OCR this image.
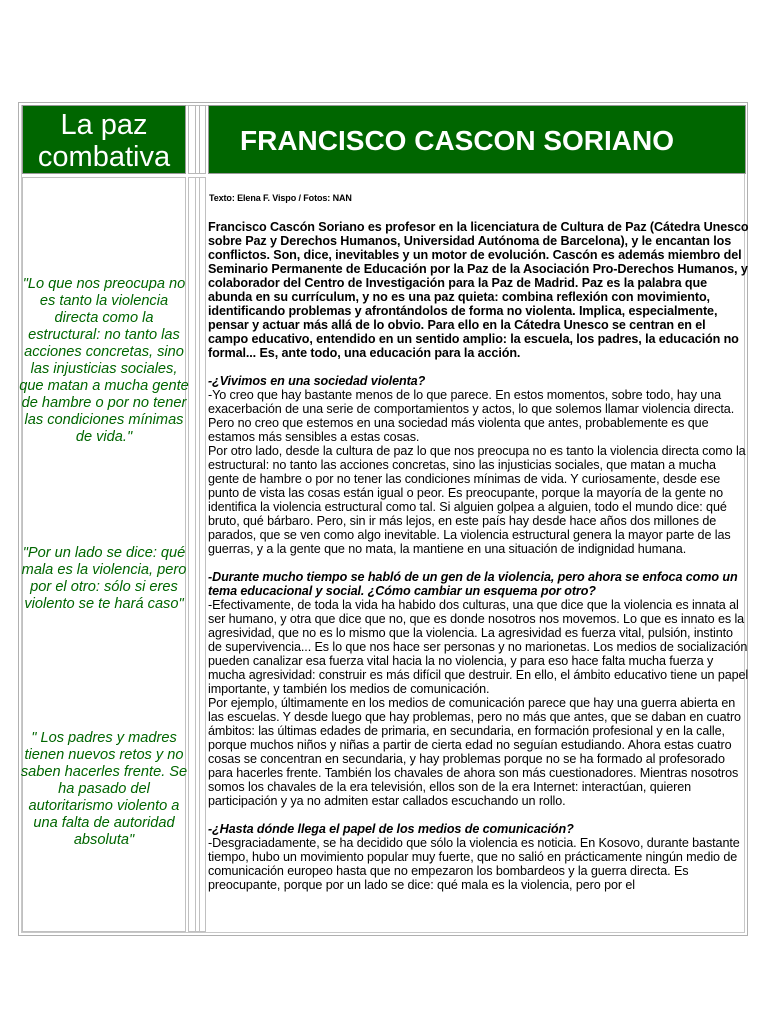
La paz
combativa
FRANCISCO CASCON SORIANO
"Lo que nos preocupa no es tanto la violencia directa como la estructural: no tanto las acciones concretas, sino las injusticias sociales, que matan a mucha gente de hambre o por no tener las condiciones mínimas de vida."
"Por un lado se dice: qué mala es la violencia, pero por el otro: sólo si eres violento se te hará caso"
" Los padres y madres tienen nuevos retos y no saben hacerles frente. Se ha pasado del autoritarismo violento a una falta de autoridad absoluta"
Texto: Elena F. Vispo / Fotos: NAN

Francisco Cascón Soriano es profesor en la licenciatura de Cultura de Paz (Cátedra Unesco sobre Paz y Derechos Humanos, Universidad Autónoma de Barcelona), y le encantan los conflictos. Son, dice, inevitables y un motor de evolución. Cascón es además miembro del Seminario Permanente de Educación por la Paz de la Asociación Pro-Derechos Humanos, y colaborador del Centro de Investigación para la Paz de Madrid. Paz es la palabra que abunda en su currículum, y no es una paz quieta: combina reflexión con movimiento, identificando problemas y afrontándolos de forma no violenta. Implica, especialmente, pensar y actuar más allá de lo obvio. Para ello en la Cátedra Unesco se centran en el campo educativo, entendido en un sentido amplio: la escuela, los padres, la educación no formal... Es, ante todo, una educación para la acción.

-¿Vivimos en una sociedad violenta?

-Yo creo que hay bastante menos de lo que parece. En estos momentos, sobre todo, hay una exacerbación de una serie de comportamientos y actos, lo que solemos llamar violencia directa. Pero no creo que estemos en una sociedad más violenta que antes, probablemente es que estamos más sensibles a estas cosas.

Por otro lado, desde la cultura de paz lo que nos preocupa no es tanto la violencia directa como la estructural: no tanto las acciones concretas, sino las injusticias sociales, que matan a mucha gente de hambre o por no tener las condiciones mínimas de vida. Y curiosamente, desde ese punto de vista las cosas están igual o peor. Es preocupante, porque la mayoría de la gente no identifica la violencia estructural como tal. Si alguien golpea a alguien, todo el mundo dice: qué bruto, qué bárbaro. Pero, sin ir más lejos, en este país hay desde hace años dos millones de parados, que se ven como algo inevitable. La violencia estructural genera la mayor parte de las guerras, y a la gente que no mata, la mantiene en una situación de indignidad humana.

-Durante mucho tiempo se habló de un gen de la violencia, pero ahora se enfoca como un tema educacional y social. ¿Cómo cambiar un esquema por otro?

-Efectivamente, de toda la vida ha habido dos culturas, una que dice que la violencia es innata al ser humano, y otra que dice que no, que es donde nosotros nos movemos. Lo que es innato es la agresividad, que no es lo mismo que la violencia. La agresividad es fuerza vital, pulsión, instinto de supervivencia... Es lo que nos hace ser personas y no marionetas. Los medios de socialización pueden canalizar esa fuerza vital hacia la no violencia, y para eso hace falta mucha fuerza y mucha agresividad: construir es más difícil que destruir. En ello, el ámbito educativo tiene un papel importante, y también los medios de comunicación.

Por ejemplo, últimamente en los medios de comunicación parece que hay una guerra abierta en las escuelas. Y desde luego que hay problemas, pero no más que antes, que se daban en cuatro ámbitos: las últimas edades de primaria, en secundaria, en formación profesional y en la calle, porque muchos niños y niñas a partir de cierta edad no seguían estudiando. Ahora estas cuatro cosas se concentran en secundaria, y hay problemas porque no se ha formado al profesorado para hacerles frente. También los chavales de ahora son más cuestionadores. Mientras nosotros somos los chavales de la era televisión, ellos son de la era Internet: interactúan, quieren participación y ya no admiten estar callados escuchando un rollo.

-¿Hasta dónde llega el papel de los medios de comunicación?

-Desgraciadamente, se ha decidido que sólo la violencia es noticia. En Kosovo, durante bastante tiempo, hubo un movimiento popular muy fuerte, que no salió en prácticamente ningún medio de comunicación europeo hasta que no empezaron los bombardeos y la guerra directa. Es preocupante, porque por un lado se dice: qué mala es la violencia, pero por el
